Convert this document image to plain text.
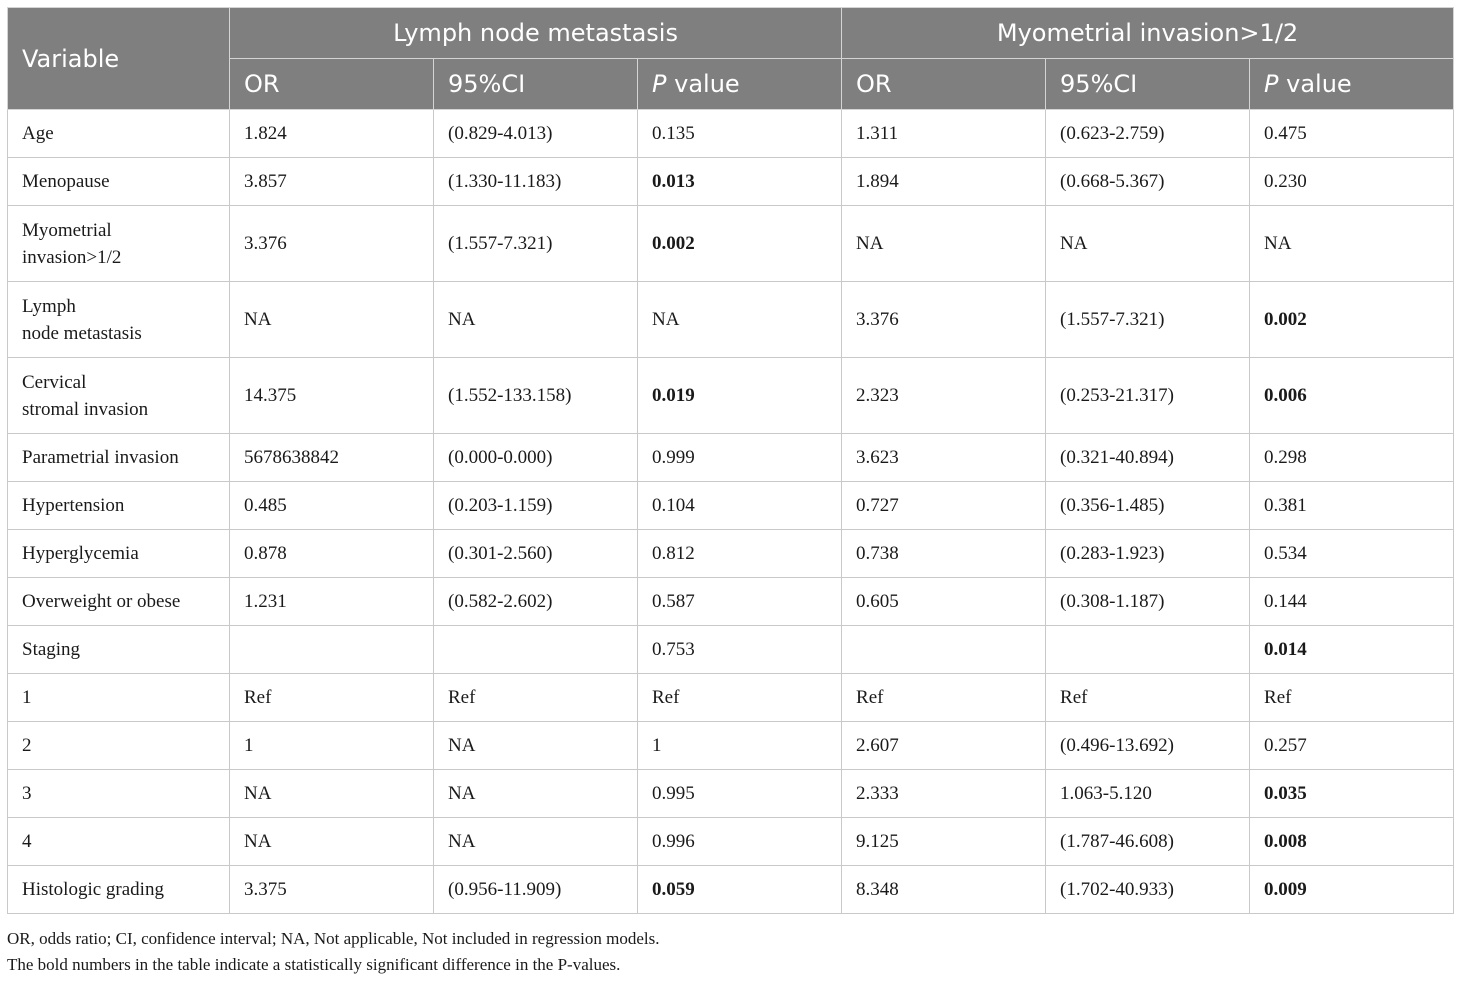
Variable	Lymph node metastasis			Myometrial invasion>1/2		
	OR	95%CI	P value	OR	95%CI	P value
Age	1.824	(0.829-4.013)	0.135	1.311	(0.623-2.759)	0.475
Menopause	3.857	(1.330-11.183)	0.013	1.894	(0.668-5.367)	0.230

Myometrial
invasion>1/2	3.376	(1.557-7.321)	0.002	NA	NA	NA

Lymph
node metastasis	NA	NA	NA	3.376	(1.557-7.321)	0.002

Cervical
stromal invasion	14.375	(1.552-133.158)	0.019	2.323	(0.253-21.317)	0.006
Parametrial invasion	5678638842	(0.000-0.000)	0.999	3.623	(0.321-40.894)	0.298
Hypertension	0.485	(0.203-1.159)	0.104	0.727	(0.356-1.485)	0.381
Hyperglycemia	0.878	(0.301-2.560)	0.812	0.738	(0.283-1.923)	0.534
Overweight or obese	1.231	(0.582-2.602)	0.587	0.605	(0.308-1.187)	0.144
Staging			0.753			0.014
1	Ref	Ref	Ref	Ref	Ref	Ref
2	1	NA	1	2.607	(0.496-13.692)	0.257
3	NA	NA	0.995	2.333	1.063-5.120	0.035
4	NA	NA	0.996	9.125	(1.787-46.608)	0.008
Histologic grading	3.375	(0.956-11.909)	0.059	8.348	(1.702-40.933)	0.009
OR, odds ratio; CI, confidence interval; NA, Not applicable, Not included in regression models.
The bold numbers in the table indicate a statistically significant difference in the P-values.
